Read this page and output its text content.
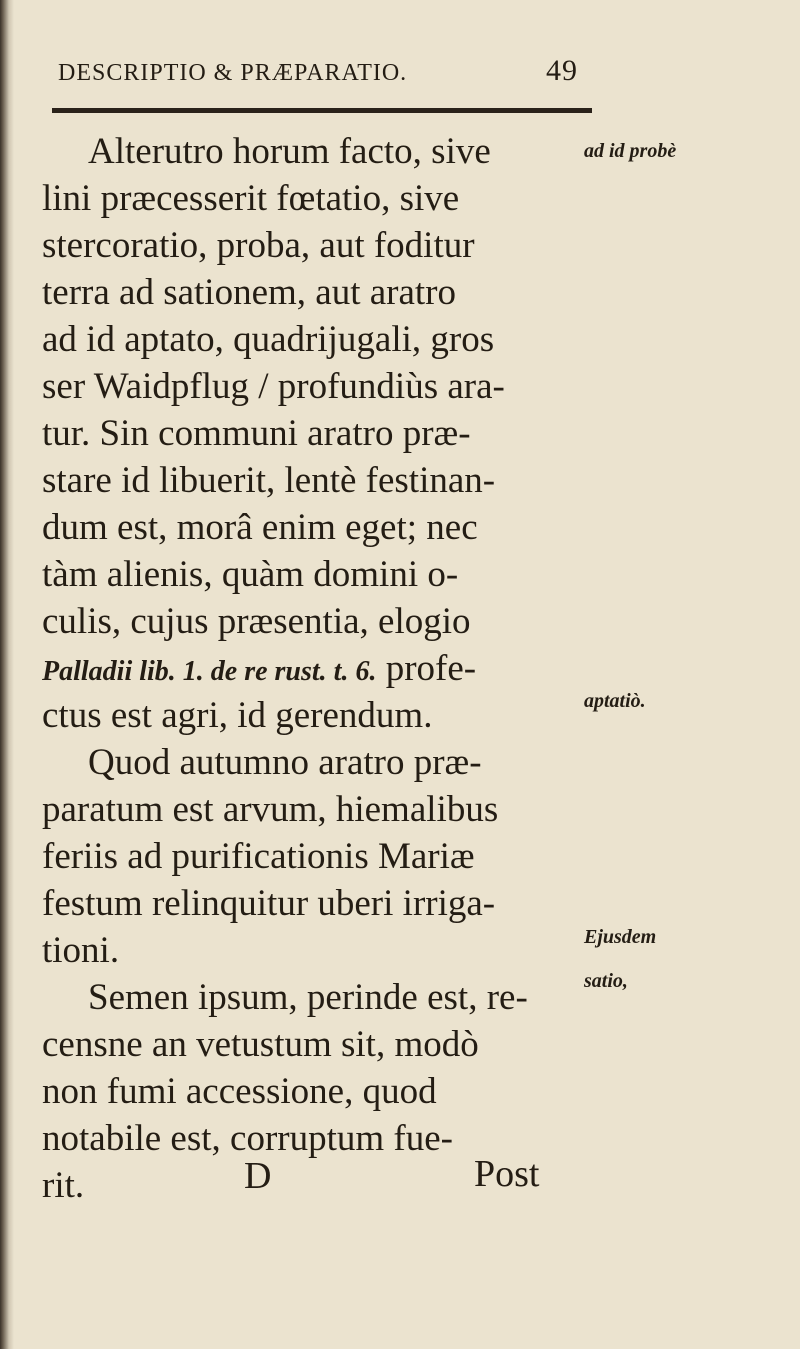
DESCRIPTIO & PRÆPARATIO.	49
Alterutro horum facto, sive
lini præcesserit fœtatio, sive
stercoratio, proba, aut foditur
terra ad sationem, aut aratro
ad id aptato, quadrijugali, gros
ser Waidpflug / profundiùs ara-
tur. Sin communi aratro præ-
stare id libuerit, lentè festinan-
dum est, morâ enim eget; nec
tàm alienis, quàm domini o-
culis, cujus præsentia, elogio
Palladii lib. 1. de re rust. t. 6. profe-
ctus est agri, id gerendum.
Quod autumno aratro præ-
paratum est arvum, hiemalibus
feriis ad purificationis Mariæ
festum relinquitur uberi irriga-
tioni.
Semen ipsum, perinde est, re-
censne an vetustum sit, modò
non fumi accessione, quod
notabile est, corruptum fue-
rit.
ad id probè
aptatiò.
Ejusdem
satio,
D	Post
